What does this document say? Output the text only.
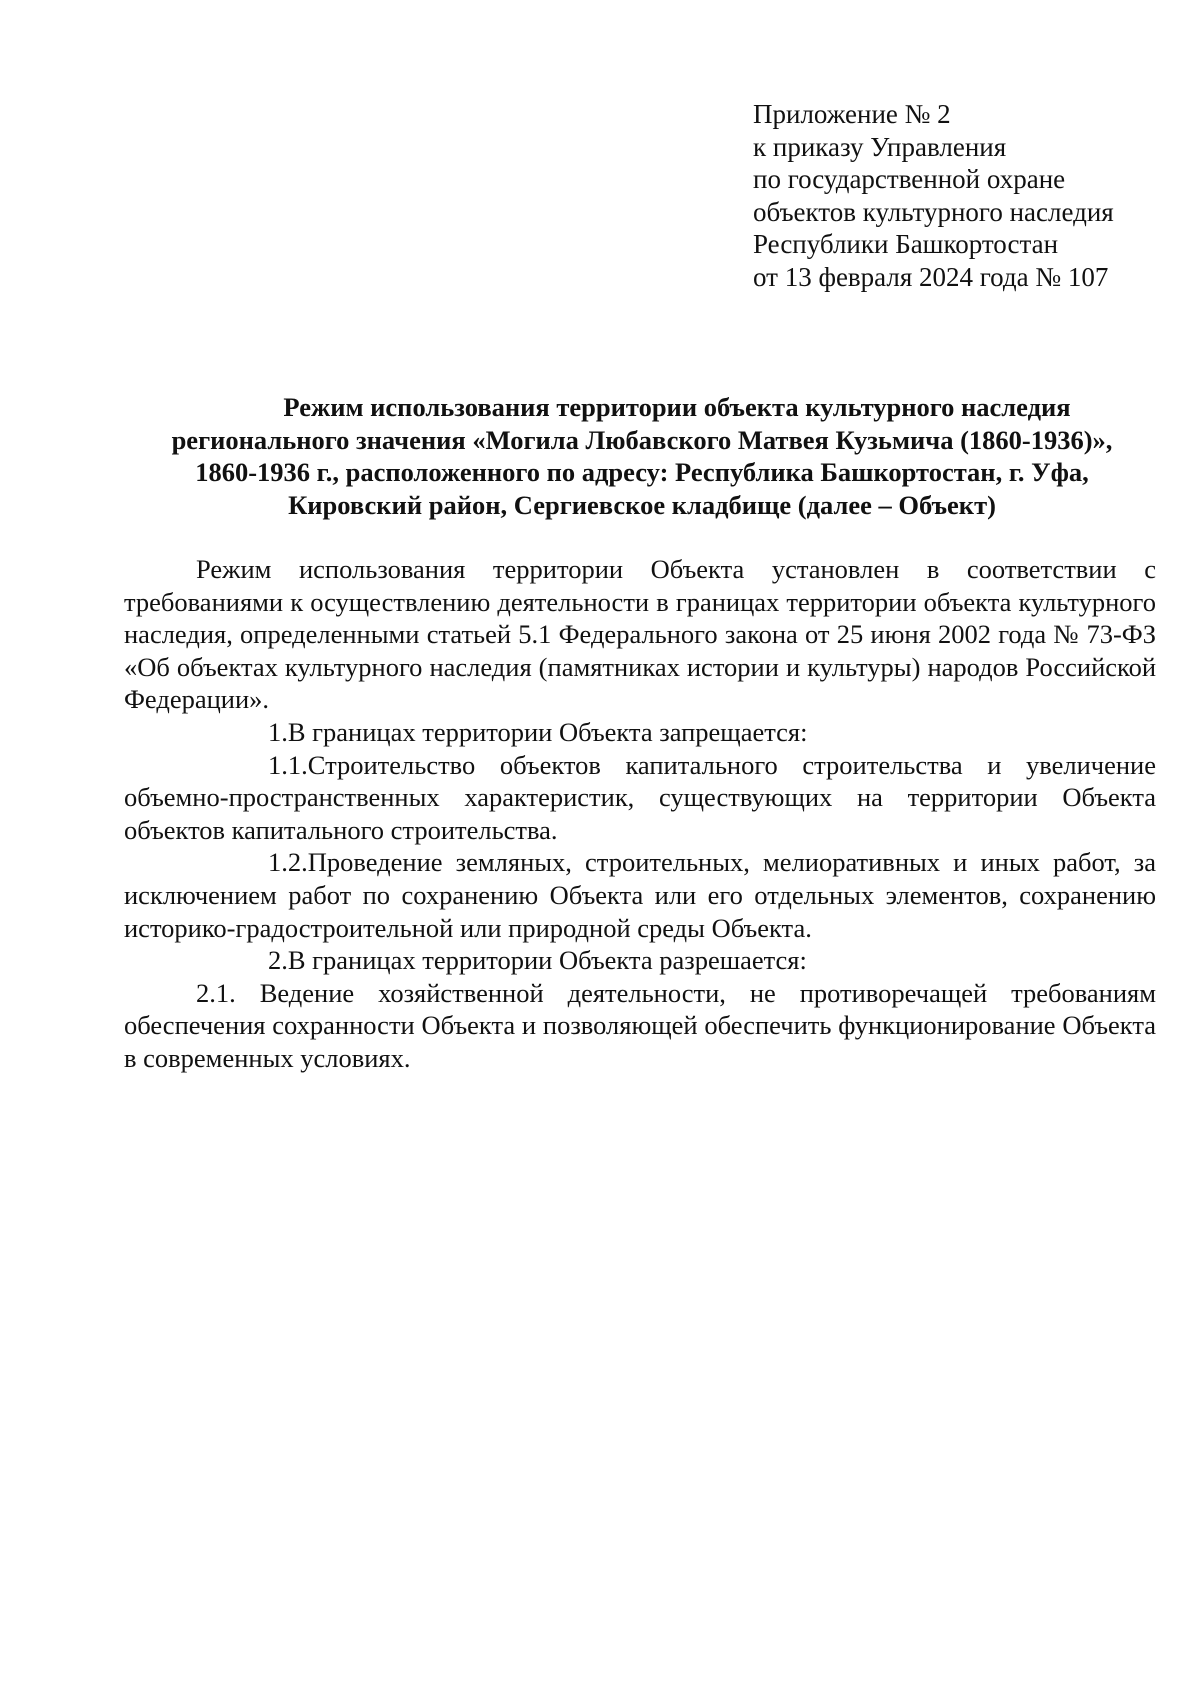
Приложение № 2
к приказу Управления
по государственной охране
объектов культурного наследия
Республики Башкортостан
от 13 февраля 2024 года № 107
Режим использования территории объекта культурного наследия
регионального значения «Могила Любавского Матвея Кузьмича (1860-1936)»,
1860-1936 г., расположенного по адресу: Республика Башкортостан, г. Уфа,
Кировский район, Сергиевское кладбище (далее – Объект)

Режим использования территории Объекта установлен в соответствии с требованиями к осуществлению деятельности в границах территории объекта культурного наследия, определенными статьей 5.1 Федерального закона от 25 июня 2002 года № 73-ФЗ «Об объектах культурного наследия (памятниках истории и культуры) народов Российской Федерации».

1.В границах территории Объекта запрещается:

1.1.Строительство объектов капитального строительства и увеличение объемно-пространственных характеристик, существующих на территории Объекта объектов капитального строительства.

1.2.Проведение земляных, строительных, мелиоративных и иных работ, за исключением работ по сохранению Объекта или его отдельных элементов, сохранению историко-градостроительной или природной среды Объекта.

2.В границах территории Объекта разрешается:

2.1. Ведение хозяйственной деятельности, не противоречащей требованиям обеспечения сохранности Объекта и позволяющей обеспечить функционирование Объекта в современных условиях.
